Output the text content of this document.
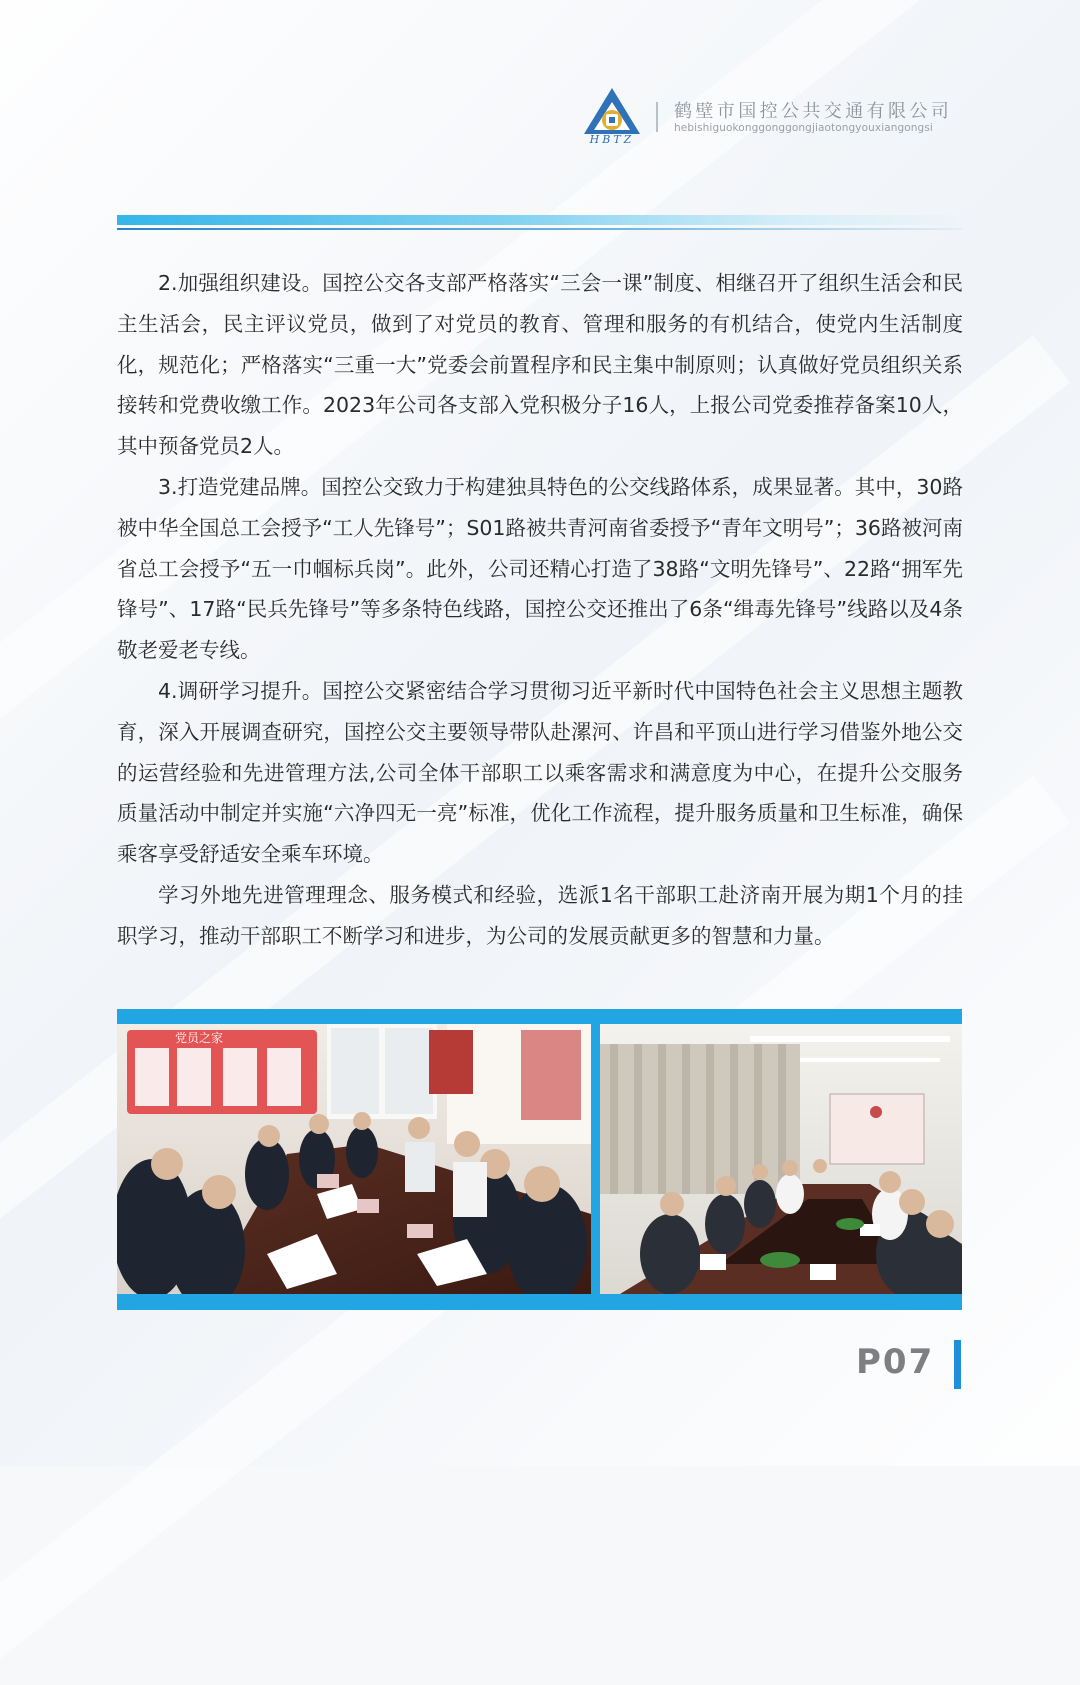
HBTZ
鹤壁市国控公共交通有限公司
hebishiguokonggonggongjiaotongyouxiangongsi

2.加强组织建设。国控公交各支部严格落实“三会一课”制度、相继召开了组织生活会和民主生活会，民主评议党员，做到了对党员的教育、管理和服务的有机结合，使党内生活制度化，规范化；严格落实“三重一大”党委会前置程序和民主集中制原则；认真做好党员组织关系接转和党费收缴工作。2023年公司各支部入党积极分子16人，上报公司党委推荐备案10人，其中预备党员2人。

3.打造党建品牌。国控公交致力于构建独具特色的公交线路体系，成果显著。其中，30路被中华全国总工会授予“工人先锋号”；S01路被共青河南省委授予“青年文明号”；36路被河南省总工会授予“五一巾帼标兵岗”。此外，公司还精心打造了38路“文明先锋号”、22路“拥军先锋号”、17路“民兵先锋号”等多条特色线路，国控公交还推出了6条“缉毒先锋号”线路以及4条敬老爱老专线。

4.调研学习提升。国控公交紧密结合学习贯彻习近平新时代中国特色社会主义思想主题教育，深入开展调查研究，国控公交主要领导带队赴漯河、许昌和平顶山进行学习借鉴外地公交的运营经验和先进管理方法,公司全体干部职工以乘客需求和满意度为中心，在提升公交服务质量活动中制定并实施“六净四无一亮”标准，优化工作流程，提升服务质量和卫生标准，确保乘客享受舒适安全乘车环境。

学习外地先进管理理念、服务模式和经验，选派1名干部职工赴济南开展为期1个月的挂职学习，推动干部职工不断学习和进步，为公司的发展贡献更多的智慧和力量。

党员之家
P07
